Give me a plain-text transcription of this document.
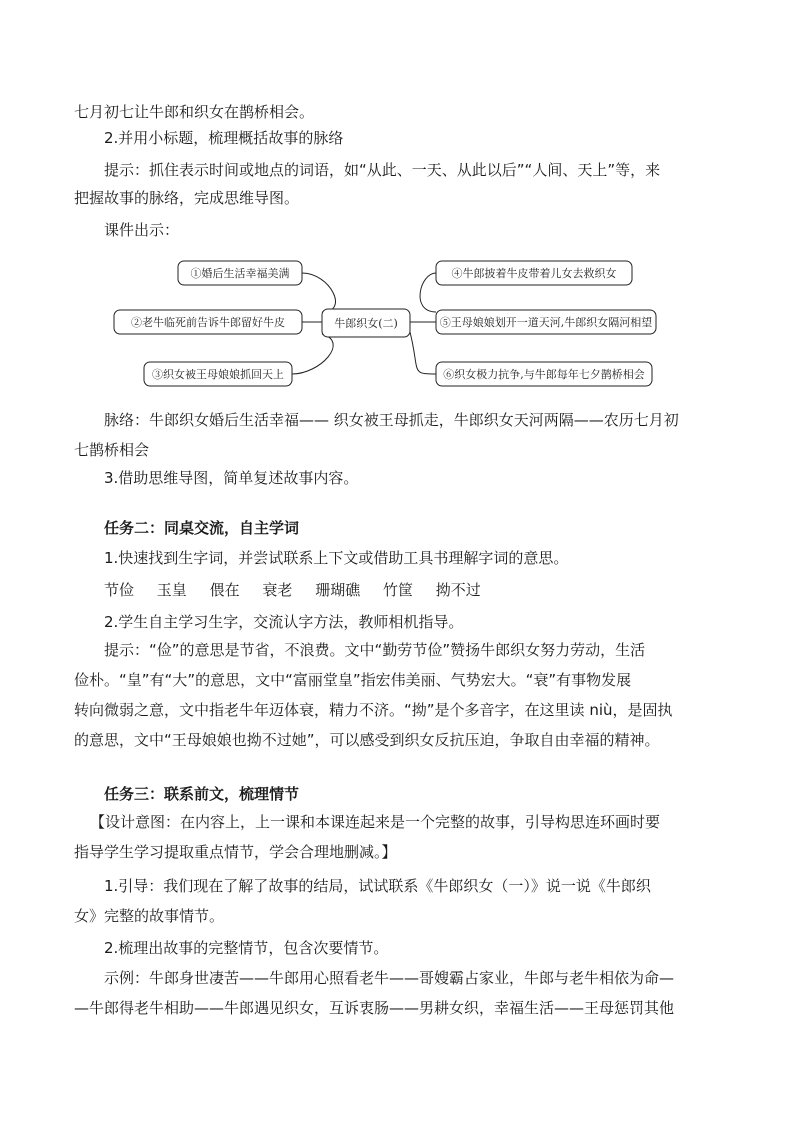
七月初七让牛郎和织女在鹊桥相会。
2.并用小标题，梳理概括故事的脉络
提示：抓住表示时间或地点的词语，如“从此、一天、从此以后”“人间、天上”等，来
把握故事的脉络，完成思维导图。
课件出示：
①婚后生活幸福美满
②老牛临死前告诉牛郎留好牛皮
③织女被王母娘娘抓回天上
牛郎织女(二)
④牛郎披着牛皮带着儿女去救织女
⑤王母娘娘划开一道天河,牛郎织女隔河相望
⑥织女极力抗争,与牛郎每年七夕鹊桥相会
脉络：牛郎织女婚后生活幸福—— 织女被王母抓走，牛郎织女天河两隔——农历七月初
七鹊桥相会
3.借助思维导图，简单复述故事内容。
任务二：同桌交流，自主学词
1.快速找到生字词，并尝试联系上下文或借助工具书理解字词的意思。
节俭 玉皇 偎在 衰老 珊瑚礁 竹筐 拗不过
2.学生自主学习生字，交流认字方法，教师相机指导。
提示：“俭”的意思是节省，不浪费。文中“勤劳节俭”赞扬牛郎织女努力劳动，生活
俭朴。“皇”有“大”的意思，文中“富丽堂皇”指宏伟美丽、气势宏大。“衰”有事物发展
转向微弱之意，文中指老牛年迈体衰，精力不济。“拗”是个多音字，在这里读 niù，是固执
的意思，文中“王母娘娘也拗不过她”，可以感受到织女反抗压迫，争取自由幸福的精神。
任务三：联系前文，梳理情节
【设计意图：在内容上，上一课和本课连起来是一个完整的故事，引导构思连环画时要
指导学生学习提取重点情节，学会合理地删减。】
1.引导：我们现在了解了故事的结局，试试联系《牛郎织女（一）》说一说《牛郎织
女》完整的故事情节。
2.梳理出故事的完整情节，包含次要情节。
示例：牛郎身世凄苦——牛郎用心照看老牛——哥嫂霸占家业，牛郎与老牛相依为命—
—牛郎得老牛相助——牛郎遇见织女，互诉衷肠——男耕女织，幸福生活——王母惩罚其他
